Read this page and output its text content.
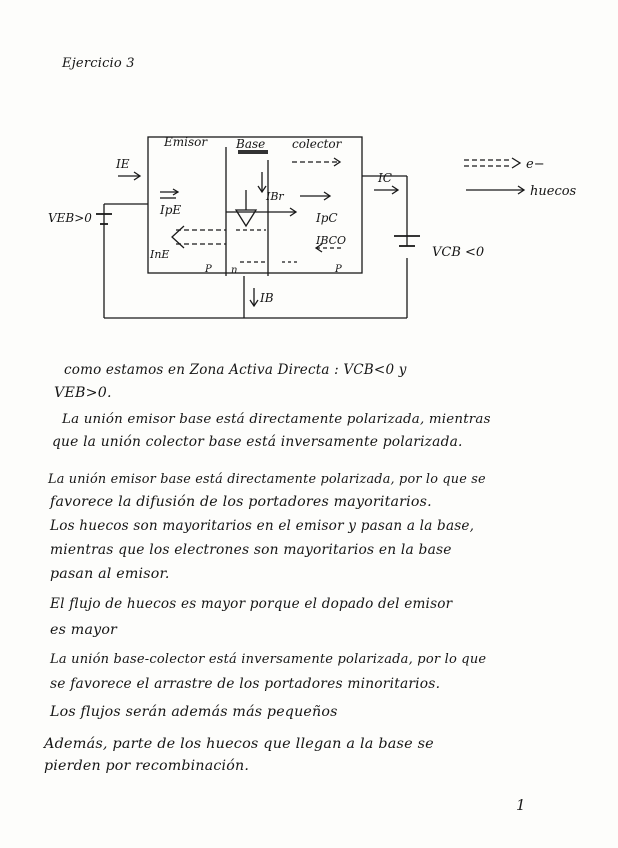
Ejercicio 3
Emisor Base colector
IE
IpE
InE
IBr
IpC
IBCO
IC
IB
P n	P
VEB>0
VCB <0
e−
huecos
como estamos en Zona Activa Directa : VCB<0 y
VEB>0.
La unión emisor base está directamente polarizada, mientras
que la unión colector base está inversamente polarizada.
La unión emisor base está directamente polarizada, por lo que se
favorece la difusión de los portadores mayoritarios.
Los huecos son mayoritarios en el emisor y pasan a la base,
mientras que los electrones son mayoritarios en la base
pasan al emisor.
El flujo de huecos es mayor porque el dopado del emisor
es mayor
La unión base-colector está inversamente polarizada, por lo que
se favorece el arrastre de los portadores minoritarios.
Los flujos serán además más pequeños
Además, parte de los huecos que llegan a la base se
pierden por recombinación.
1
